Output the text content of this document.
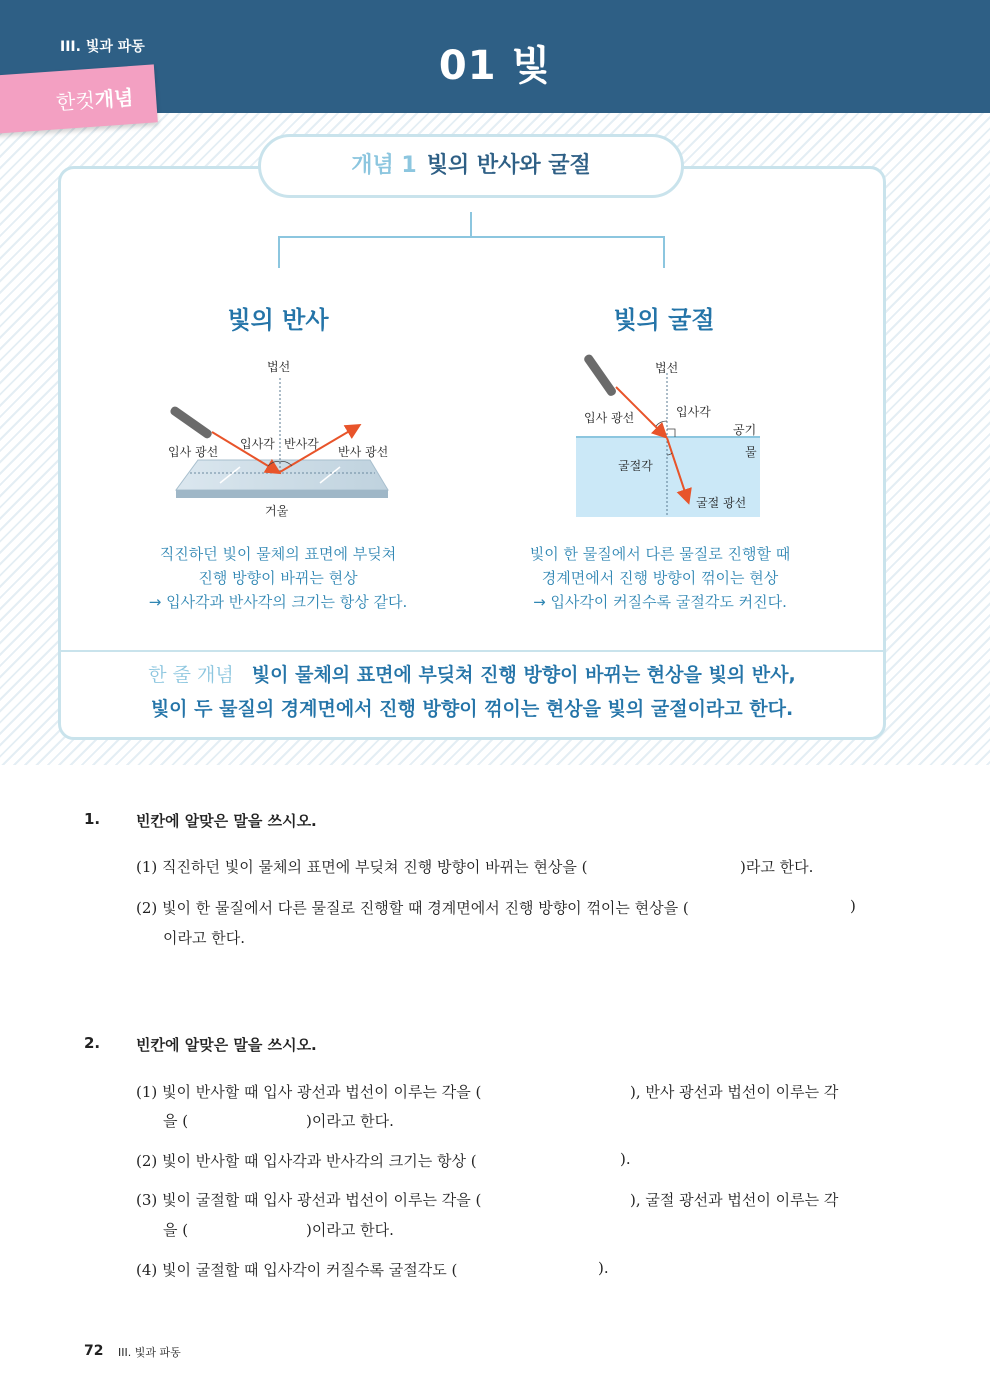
III. 빛과 파동	01 빛
한컷개념
개념 1 빛의 반사와 굴절
빛의 반사	빛의 굴절
법선
입사 광선
입사각 반사각
반사 광선
거울
법선
입사 광선	입사각
공기
물
굴절각
굴절 광선
직진하던 빛이 물체의 표면에 부딪쳐
진행 방향이 바뀌는 현상
→ 입사각과 반사각의 크기는 항상 같다.
빛이 한 물질에서 다른 물질로 진행할 때
경계면에서 진행 방향이 꺾이는 현상
→ 입사각이 커질수록 굴절각도 커진다.
한 줄 개념 빛이 물체의 표면에 부딪쳐 진행 방향이 바뀌는 현상을 빛의 반사,
빛이 두 물질의 경계면에서 진행 방향이 꺾이는 현상을 빛의 굴절이라고 한다.
1. 빈칸에 알맞은 말을 쓰시오.
(1) 직진하던 빛이 물체의 표면에 부딪쳐 진행 방향이 바뀌는 현상을 (	)라고 한다.
(2) 빛이 한 물질에서 다른 물질로 진행할 때 경계면에서 진행 방향이 꺾이는 현상을 (	)
이라고 한다.
2. 빈칸에 알맞은 말을 쓰시오.
(1) 빛이 반사할 때 입사 광선과 법선이 이루는 각을 (	), 반사 광선과 법선이 이루는 각
을 (	)이라고 한다.
(2) 빛이 반사할 때 입사각과 반사각의 크기는 항상 (	).
(3) 빛이 굴절할 때 입사 광선과 법선이 이루는 각을 (	), 굴절 광선과 법선이 이루는 각
을 (	)이라고 한다.
(4) 빛이 굴절할 때 입사각이 커질수록 굴절각도 (	).
72 III. 빛과 파동
